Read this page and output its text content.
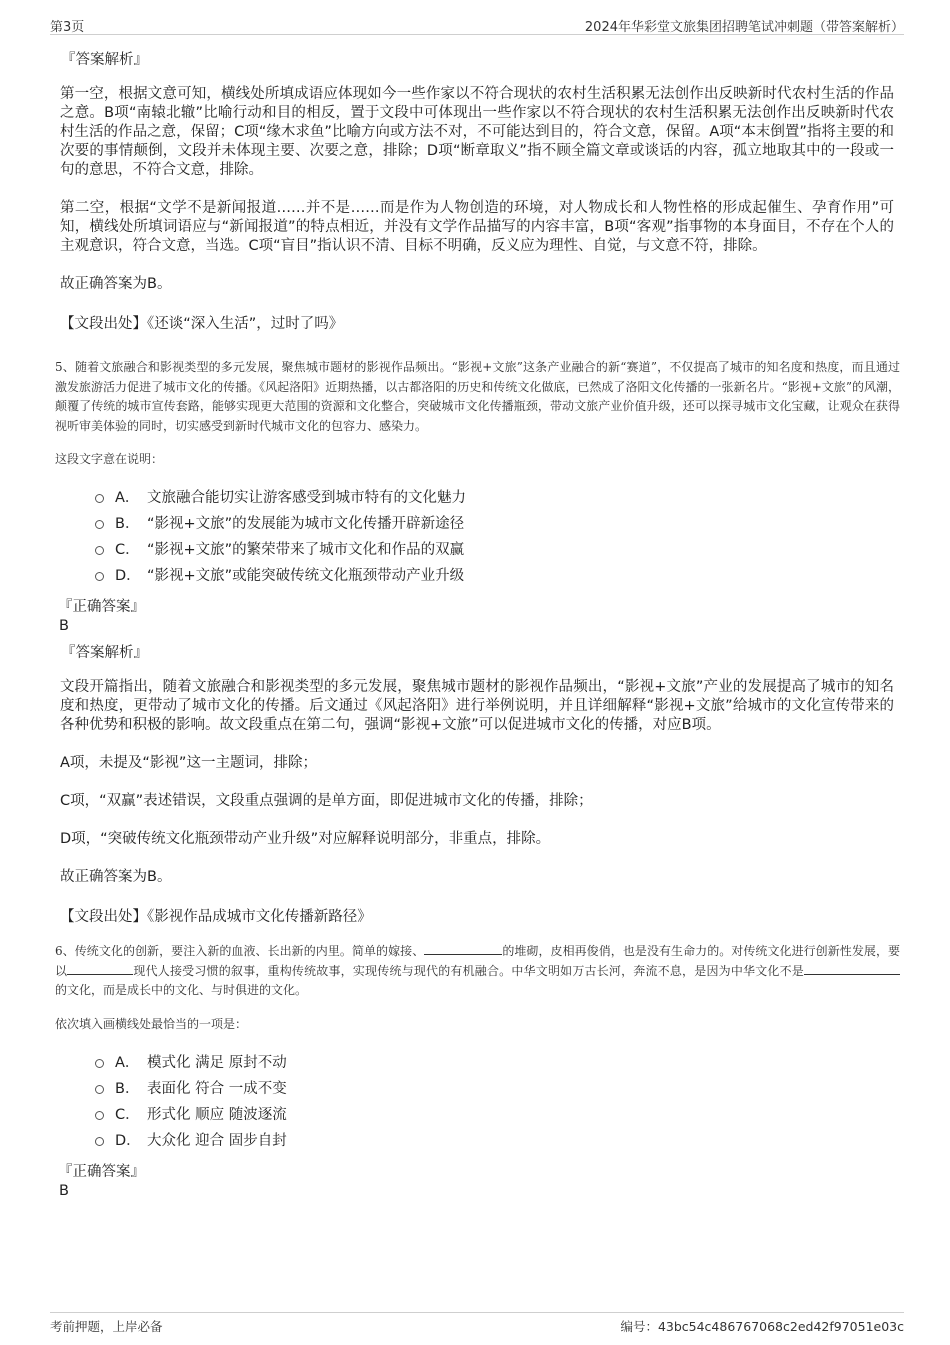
第3页	2024年华彩堂文旅集团招聘笔试冲刺题（带答案解析）
『答案解析』

第一空，根据文意可知，横线处所填成语应体现如今一些作家以不符合现状的农村生活积累无法创作出反映新时代农村生活的作品之意。B项“南辕北辙”比喻行动和目的相反，置于文段中可体现出一些作家以不符合现状的农村生活积累无法创作出反映新时代农村生活的作品之意，保留；C项“缘木求鱼”比喻方向或方法不对，不可能达到目的，符合文意，保留。A项“本末倒置”指将主要的和次要的事情颠倒，文段并未体现主要、次要之意，排除；D项“断章取义”指不顾全篇文章或谈话的内容，孤立地取其中的一段或一句的意思，不符合文意，排除。

第二空，根据“文学不是新闻报道……并不是……而是作为人物创造的环境，对人物成长和人物性格的形成起催生、孕育作用”可知，横线处所填词语应与“新闻报道”的特点相近，并没有文学作品描写的内容丰富，B项“客观”指事物的本身面目，不存在个人的主观意识，符合文意，当选。C项“盲目”指认识不清、目标不明确，反义应为理性、自觉，与文意不符，排除。

故正确答案为B。

【文段出处】《还谈“深入生活”，过时了吗》

5、随着文旅融合和影视类型的多元发展，聚焦城市题材的影视作品频出。“影视+文旅”这条产业融合的新“赛道”，不仅提高了城市的知名度和热度，而且通过激发旅游活力促进了城市文化的传播。《风起洛阳》近期热播，以古都洛阳的历史和传统文化做底，已然成了洛阳文化传播的一张新名片。“影视+文旅”的风潮，颠覆了传统的城市宣传套路，能够实现更大范围的资源和文化整合，突破城市文化传播瓶颈，带动文旅产业价值升级，还可以探寻城市文化宝藏，让观众在获得视听审美体验的同时，切实感受到新时代城市文化的包容力、感染力。

这段文字意在说明：
A． 文旅融合能切实让游客感受到城市特有的文化魅力
B． “影视+文旅”的发展能为城市文化传播开辟新途径
C． “影视+文旅”的繁荣带来了城市文化和作品的双赢
D． “影视+文旅”或能突破传统文化瓶颈带动产业升级
『正确答案』
B
『答案解析』

文段开篇指出，随着文旅融合和影视类型的多元发展，聚焦城市题材的影视作品频出，“影视+文旅”产业的发展提高了城市的知名度和热度，更带动了城市文化的传播。后文通过《风起洛阳》进行举例说明，并且详细解释“影视+文旅”给城市的文化宣传带来的各种优势和积极的影响。故文段重点在第二句，强调“影视+文旅”可以促进城市文化的传播，对应B项。

A项，未提及“影视”这一主题词，排除；

C项，“双赢”表述错误，文段重点强调的是单方面，即促进城市文化的传播，排除；

D项，“突破传统文化瓶颈带动产业升级”对应解释说明部分，非重点，排除。

故正确答案为B。

【文段出处】《影视作品成城市文化传播新路径》

6、传统文化的创新，要注入新的血液、长出新的内里。简单的嫁接、	的堆砌，皮相再俊俏，也是没有生命力的。对传统文化进行创新性发展，要以	现代人接受习惯的叙事，重构传统故事，实现传统与现代的有机融合。中华文明如万古长河，奔流不息，是因为中华文化不是的文化，而是成长中的文化、与时俱进的文化。

依次填入画横线处最恰当的一项是：
A． 模式化 满足 原封不动
B． 表面化 符合 一成不变
C． 形式化 顺应 随波逐流
D． 大众化 迎合 固步自封
『正确答案』
B
考前押题，上岸必备	编号：43bc54c486767068c2ed42f97051e03c
